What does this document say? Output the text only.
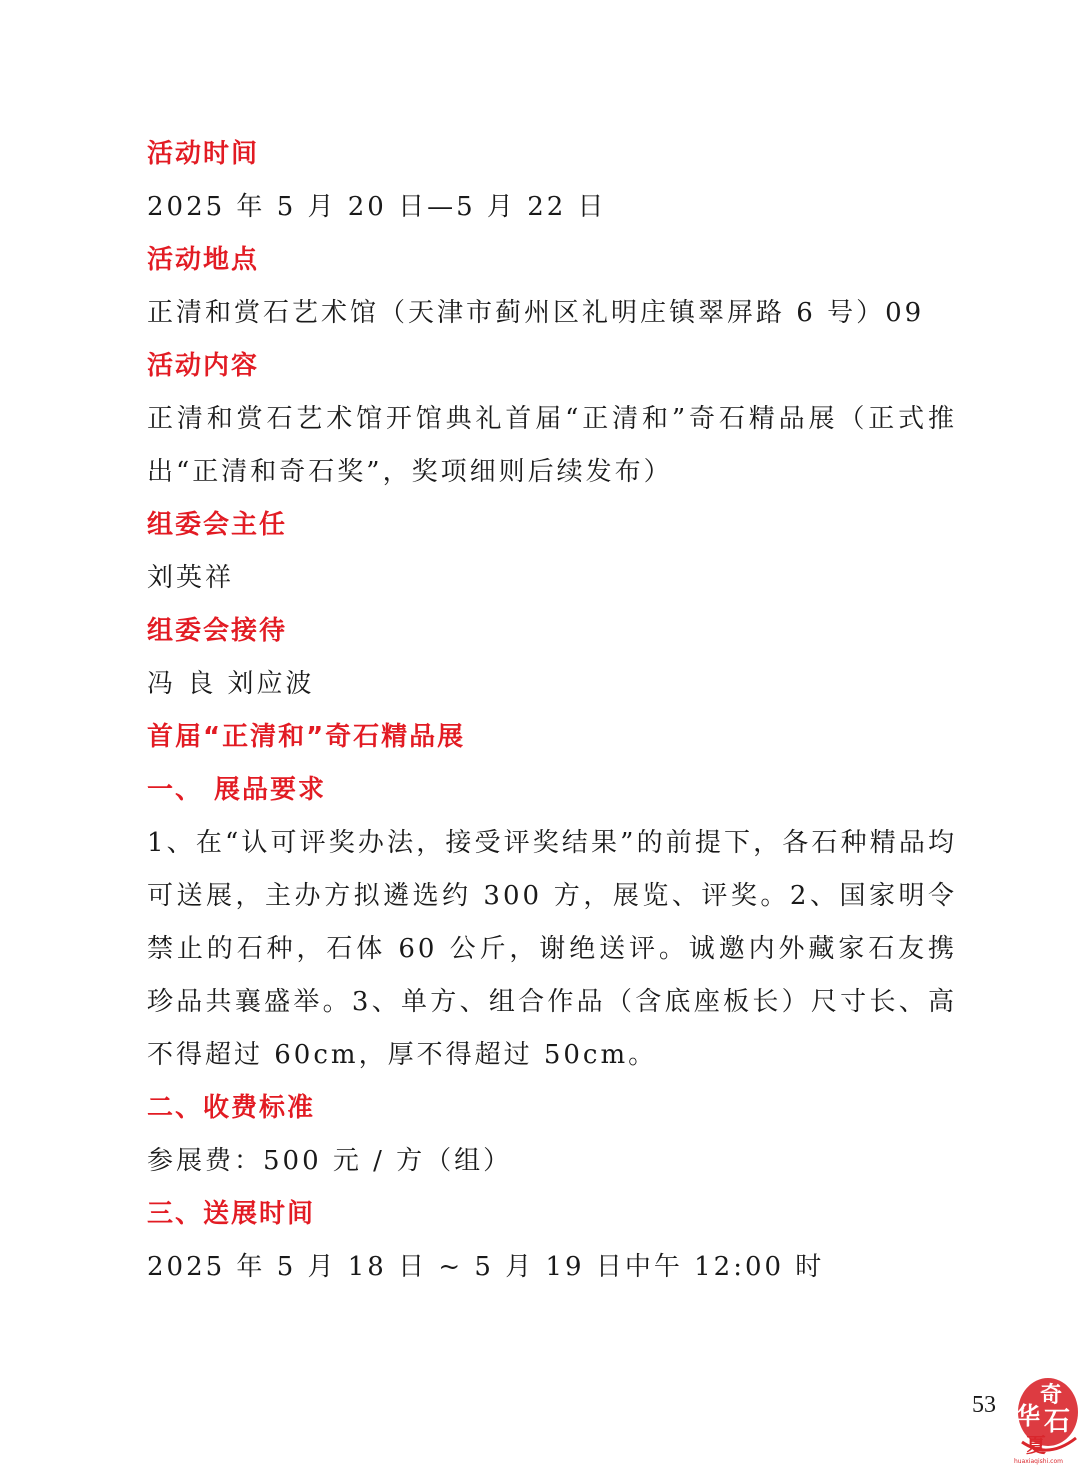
活动时间
2025 年 5 月 20 日—5 月 22 日
活动地点
正清和赏石艺术馆（天津市蓟州区礼明庄镇翠屏路 6 号）09
活动内容
正清和赏石艺术馆开馆典礼首届“正清和”奇石精品展（正式推出“正清和奇石奖”，奖项细则后续发布）
组委会主任
刘英祥
组委会接待
冯 良 刘应波
首届“正清和”奇石精品展
一、 展品要求
1、在“认可评奖办法，接受评奖结果”的前提下，各石种精品均可送展，主办方拟遴选约 300 方，展览、评奖。2、国家明令禁止的石种，石体 60 公斤，谢绝送评。诚邀内外藏家石友携珍品共襄盛举。3、单方、组合作品（含底座板长）尺寸长、高不得超过 60cm，厚不得超过 50cm。
二、收费标准
参展费：500 元 / 方（组）
三、送展时间
2025 年 5 月 18 日 ~ 5 月 19 日中午 12:00 时
53 华
奇
石
夏
huaxiaqishi.com
